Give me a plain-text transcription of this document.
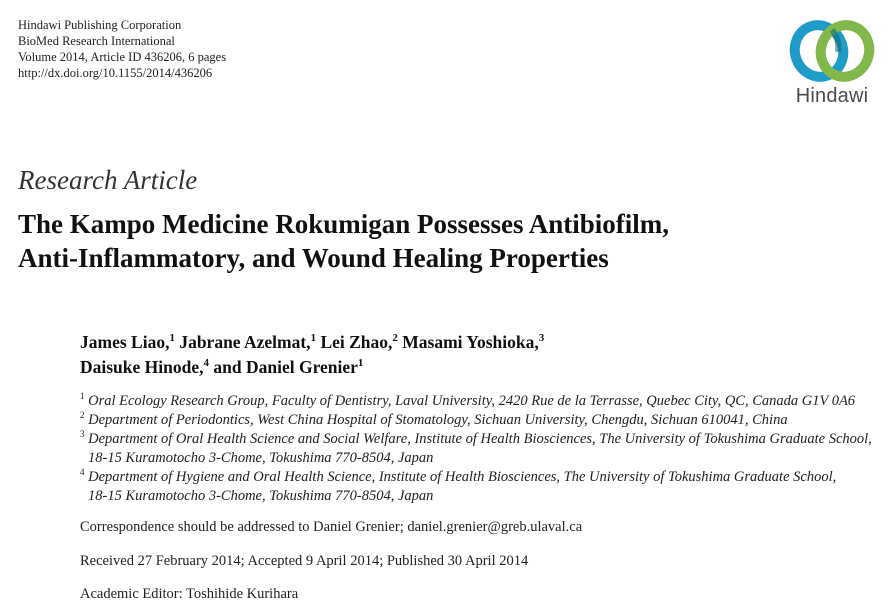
Hindawi Publishing Corporation
BioMed Research International
Volume 2014, Article ID 436206, 6 pages
http://dx.doi.org/10.1155/2014/436206
Hindawi
Research Article
The Kampo Medicine Rokumigan Possesses Antibiofilm,
Anti-Inflammatory, and Wound Healing Properties
James Liao,$^1$ Jabrane Azelmat,$^1$ Lei Zhao,$^2$ Masami Yoshioka,$^3$
Daisuke Hinode,$^4$ and Daniel Grenier$^1$
$^1$ Oral Ecology Research Group, Faculty of Dentistry, Laval University, 2420 Rue de la Terrasse, Quebec City, QC, Canada G1V 0A6
$^2$ Department of Periodontics, West China Hospital of Stomatology, Sichuan University, Chengdu, Sichuan 610041, China
$^3$ Department of Oral Health Science and Social Welfare, Institute of Health Biosciences, The University of Tokushima Graduate School,
18-15 Kuramotocho 3-Chome, Tokushima 770-8504, Japan
$^4$ Department of Hygiene and Oral Health Science, Institute of Health Biosciences, The University of Tokushima Graduate School,
18-15 Kuramotocho 3-Chome, Tokushima 770-8504, Japan
Correspondence should be addressed to Daniel Grenier; daniel.grenier@greb.ulaval.ca
Received 27 February 2014; Accepted 9 April 2014; Published 30 April 2014
Academic Editor: Toshihide Kurihara
